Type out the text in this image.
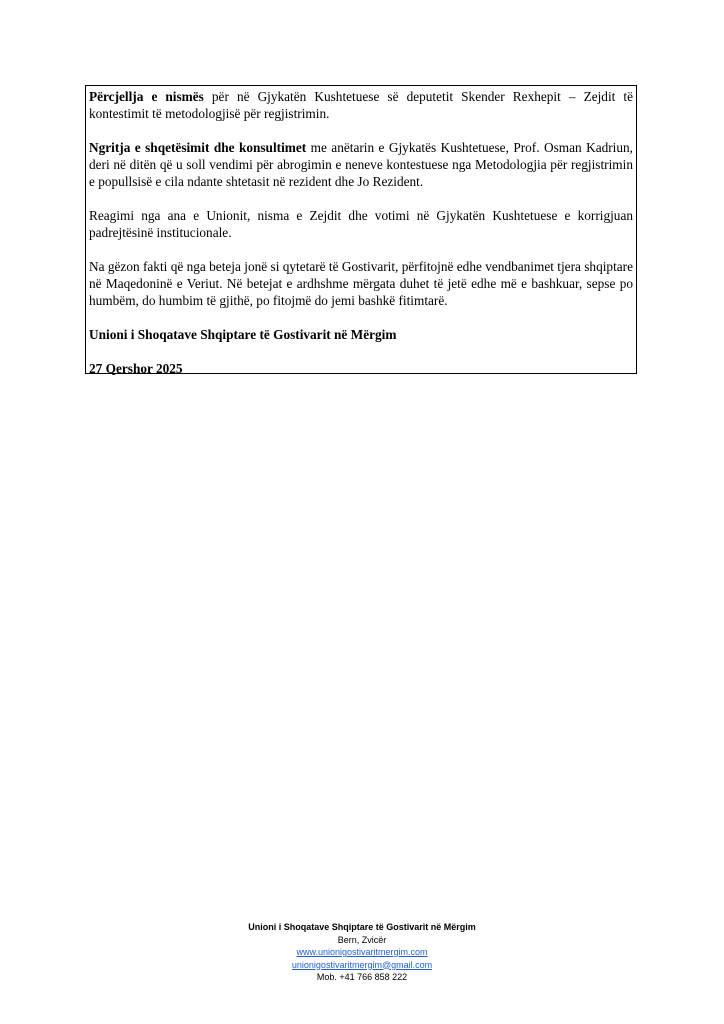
Përcjellja e nismës për në Gjykatën Kushtetuese së deputetit Skender Rexhepit – Zejdit të kontestimit të metodologjisë për regjistrimin.

Ngritja e shqetësimit dhe konsultimet me anëtarin e Gjykatës Kushtetuese, Prof. Osman Kadriun, deri në ditën që u soll vendimi për abrogimin e neneve kontestuese nga Metodologjia për regjistrimin e popullsisë e cila ndante shtetasit në rezident dhe Jo Rezident.

Reagimi nga ana e Unionit, nisma e Zejdit dhe votimi në Gjykatën Kushtetuese e korrigjuan padrejtësinë institucionale.

Na gëzon fakti që nga beteja jonë si qytetarë të Gostivarit, përfitojnë edhe vendbanimet tjera shqiptare në Maqedoninë e Veriut. Në betejat e ardhshme mërgata duhet të jetë edhe më e bashkuar, sepse po humbëm, do humbim të gjithë, po fitojmë do jemi bashkë fitimtarë.

Unioni i Shoqatave Shqiptare të Gostivarit në Mërgim

27 Qershor 2025

Unioni i Shoqatave Shqiptare të Gostivarit në Mërgim
Bern, Zvicër
www.unionigostivaritmergim.com
unionigostivaritmergim@gmail.com
Mob. +41 766 858 222
